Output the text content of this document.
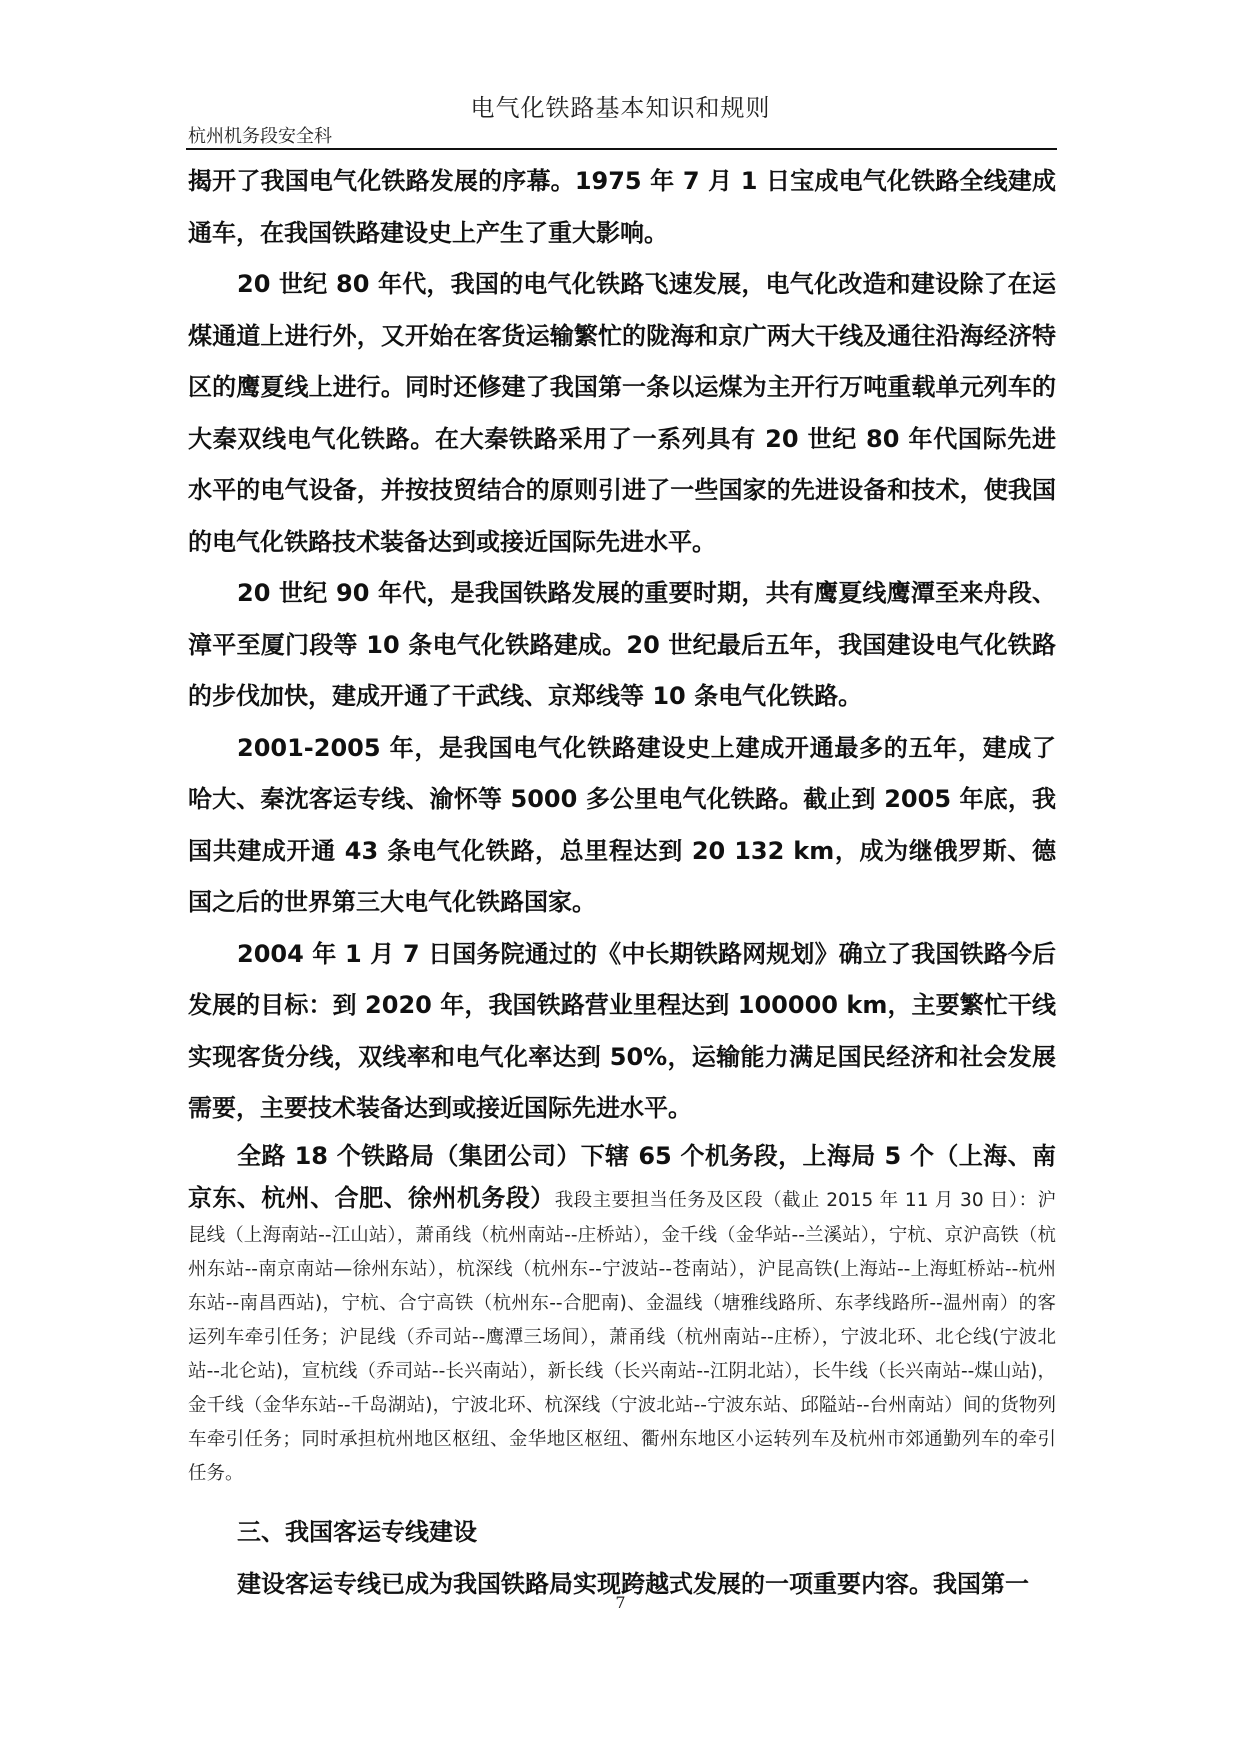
电气化铁路基本知识和规则
杭州机务段安全科

揭开了我国电气化铁路发展的序幕。1975 年 7 月 1 日宝成电气化铁路全线建成通车，在我国铁路建设史上产生了重大影响。

20 世纪 80 年代，我国的电气化铁路飞速发展，电气化改造和建设除了在运煤通道上进行外，又开始在客货运输繁忙的陇海和京广两大干线及通往沿海经济特区的鹰夏线上进行。同时还修建了我国第一条以运煤为主开行万吨重载单元列车的大秦双线电气化铁路。在大秦铁路采用了一系列具有 20 世纪 80 年代国际先进水平的电气设备，并按技贸结合的原则引进了一些国家的先进设备和技术，使我国的电气化铁路技术装备达到或接近国际先进水平。

20 世纪 90 年代，是我国铁路发展的重要时期，共有鹰夏线鹰潭至来舟段、漳平至厦门段等 10 条电气化铁路建成。20 世纪最后五年，我国建设电气化铁路的步伐加快，建成开通了干武线、京郑线等 10 条电气化铁路。

2001-2005 年，是我国电气化铁路建设史上建成开通最多的五年，建成了哈大、秦沈客运专线、渝怀等 5000 多公里电气化铁路。截止到 2005 年底，我国共建成开通 43 条电气化铁路，总里程达到 20 132 km，成为继俄罗斯、德国之后的世界第三大电气化铁路国家。

2004 年 1 月 7 日国务院通过的《中长期铁路网规划》确立了我国铁路今后发展的目标：到 2020 年，我国铁路营业里程达到 100000 km，主要繁忙干线实现客货分线，双线率和电气化率达到 50%，运输能力满足国民经济和社会发展需要，主要技术装备达到或接近国际先进水平。

全路 18 个铁路局（集团公司）下辖 65 个机务段，上海局 5 个（上海、南京东、杭州、合肥、徐州机务段）我段主要担当任务及区段（截止 2015 年 11 月 30 日）：沪昆线（上海南站--江山站），萧甬线（杭州南站--庄桥站），金千线（金华站--兰溪站），宁杭、京沪高铁（杭州东站--南京南站—徐州东站），杭深线（杭州东--宁波站--苍南站），沪昆高铁(上海站--上海虹桥站--杭州东站--南昌西站)，宁杭、合宁高铁（杭州东--合肥南)、金温线（塘雅线路所、东孝线路所--温州南）的客运列车牵引任务；沪昆线（乔司站--鹰潭三场间），萧甬线（杭州南站--庄桥），宁波北环、北仑线(宁波北站--北仑站)，宣杭线（乔司站--长兴南站），新长线（长兴南站--江阴北站），长牛线（长兴南站--煤山站)，金千线（金华东站--千岛湖站)，宁波北环、杭深线（宁波北站--宁波东站、邱隘站--台州南站）间的货物列车牵引任务；同时承担杭州地区枢纽、金华地区枢纽、衢州东地区小运转列车及杭州市郊通勤列车的牵引任务。

三、我国客运专线建设

建设客运专线已成为我国铁路局实现跨越式发展的一项重要内容。我国第一

7
